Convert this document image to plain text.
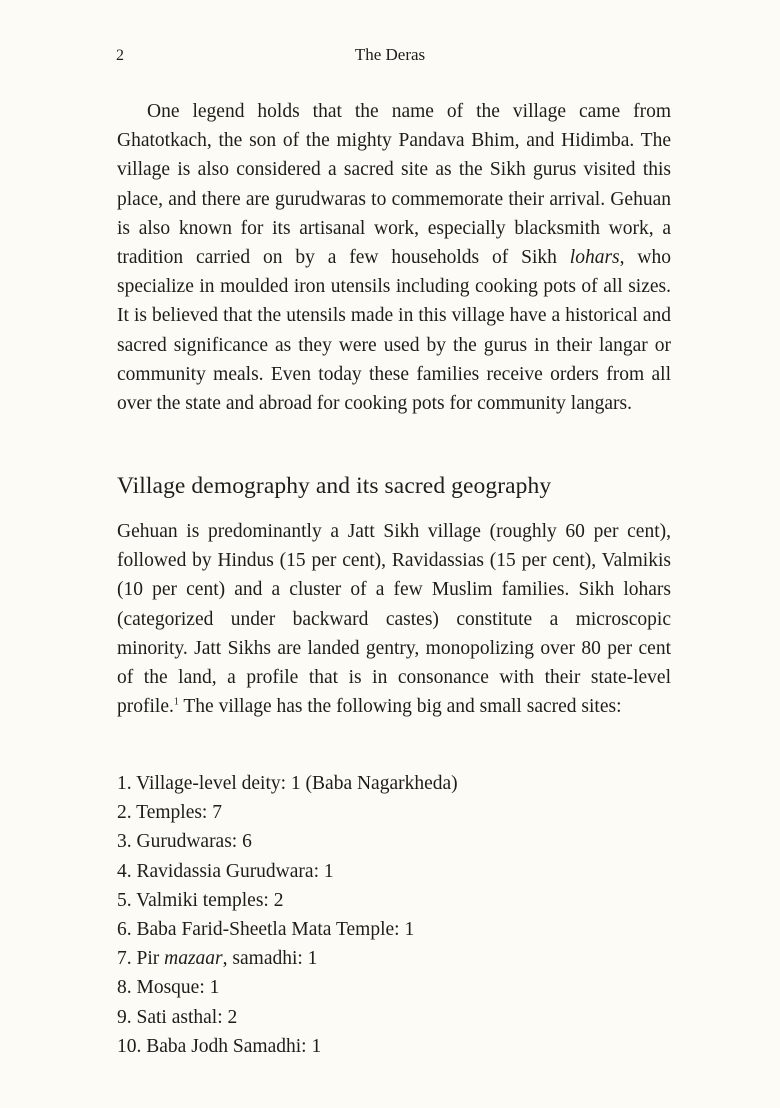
2	The Deras

One legend holds that the name of the village came from Ghatotkach, the son of the mighty Pandava Bhim, and Hidimba. The village is also considered a sacred site as the Sikh gurus visited this place, and there are gurudwaras to commemorate their arrival. Gehuan is also known for its artisanal work, especially blacksmith work, a tradition carried on by a few households of Sikh lohars, who specialize in moulded iron utensils including cooking pots of all sizes. It is believed that the utensils made in this village have a historical and sacred significance as they were used by the gurus in their langar or community meals. Even today these families receive orders from all over the state and abroad for cooking pots for community langars.

Village demography and its sacred geography

Gehuan is predominantly a Jatt Sikh village (roughly 60 per cent), followed by Hindus (15 per cent), Ravidassias (15 per cent), Valmikis (10 per cent) and a cluster of a few Muslim families. Sikh lohars (categorized under backward castes) constitute a microscopic minority. Jatt Sikhs are landed gentry, monopolizing over 80 per cent of the land, a profile that is in consonance with their state-level profile.$^1$ The village has the following big and small sacred sites:

1. Village-level deity: 1 (Baba Nagarkheda)
2. Temples: 7
3. Gurudwaras: 6
4. Ravidassia Gurudwara: 1
5. Valmiki temples: 2
6. Baba Farid-Sheetla Mata Temple: 1
7. Pir mazaar, samadhi: 1
8. Mosque: 1
9. Sati asthal: 2
10. Baba Jodh Samadhi: 1
